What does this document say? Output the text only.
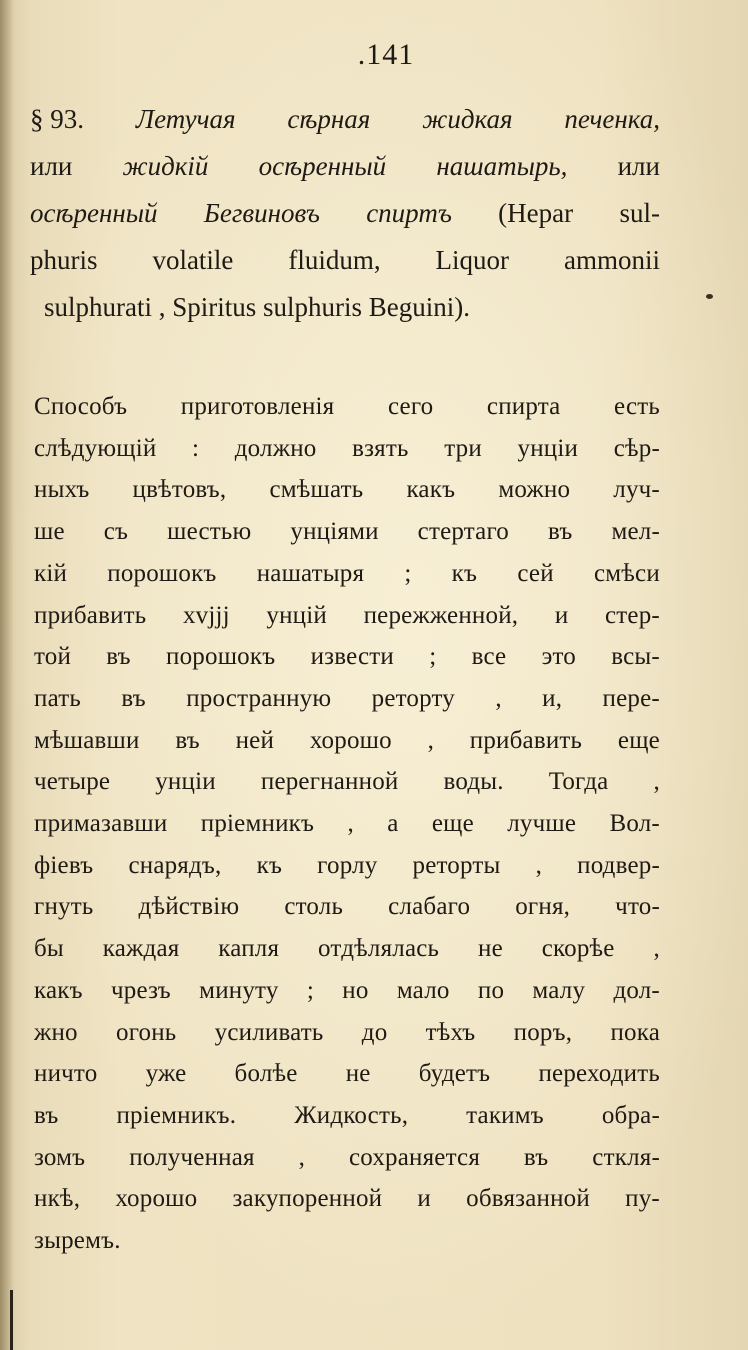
.141
§ 93. Летучая сѣрная жидкая печенка,
или жидкiй осѣренный нашатырь, или
осѣренный Бегвиновъ спиртъ (Hepar sul-
phuris volatile fluidum, Liquor ammonii
sulphurati , Spiritus sulphuris Beguini).
Способъ приготовленiя сего спирта есть
слѣдующiй : должно взять три унцiи сѣр-
ныхъ цвѣтовъ, смѣшать какъ можно луч-
ше съ шестью унцiями стертаго въ мел-
кiй порошокъ нашатыря ; къ сей смѣси
прибавить xvjjj унцiй пережженной, и стер-
той въ порошокъ извести ; все это всы-
пать въ пространную реторту , и, пере-
мѣшавши въ ней хорошо , прибавить еще
четыре унцiи перегнанной воды. Тогда ,
примазавши прiемникъ , а еще лучше Вол-
фiевъ снарядъ, къ горлу реторты , подвер-
гнуть дѣйствiю столь слабаго огня, что-
бы каждая капля отдѣлялась не скорѣе ,
какъ чрезъ минуту ; но мало по малу дол-
жно огонь усиливать до тѣхъ поръ, пока
ничто уже болѣе не будетъ переходить
въ прiемникъ. Жидкость, такимъ обра-
зомъ полученная , сохраняется въ сткля-
нкѣ, хорошо закупоренной и обвязанной пу-
зыремъ.
